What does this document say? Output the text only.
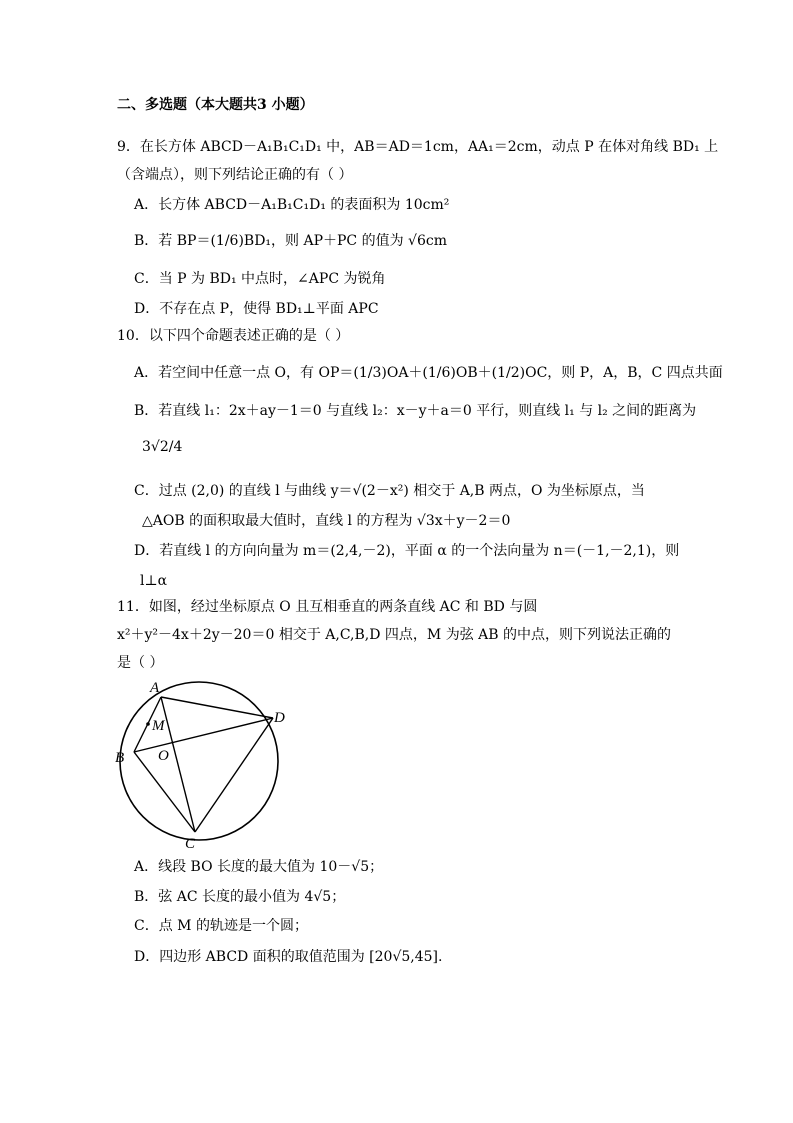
二、多选题（本大题共3 小题）
9．在长方体 ABCD－A₁B₁C₁D₁ 中，AB＝AD＝1cm，AA₁＝2cm，动点 P 在体对角线 BD₁ 上
（含端点），则下列结论正确的有（ ）
A．长方体 ABCD－A₁B₁C₁D₁ 的表面积为 10cm²
B．若 BP＝(1/6)BD₁，则 AP＋PC 的值为 √6cm
C．当 P 为 BD₁ 中点时，∠APC 为锐角
D．不存在点 P，使得 BD₁⊥平面 APC
10．以下四个命题表述正确的是（ ）
A．若空间中任意一点 O，有 OP＝(1/3)OA＋(1/6)OB＋(1/2)OC，则 P，A，B，C 四点共面
B．若直线 l₁：2x＋ay－1＝0 与直线 l₂：x－y＋a＝0 平行，则直线 l₁ 与 l₂ 之间的距离为
3√2/4
C．过点 (2,0) 的直线 l 与曲线 y＝√(2－x²) 相交于 A,B 两点，O 为坐标原点，当
△AOB 的面积取最大值时，直线 l 的方程为 √3x＋y－2＝0
D．若直线 l 的方向向量为 m＝(2,4,－2)，平面 α 的一个法向量为 n＝(－1,－2,1)，则
l⊥α
11．如图，经过坐标原点 O 且互相垂直的两条直线 AC 和 BD 与圆
x²＋y²－4x＋2y－20＝0 相交于 A,C,B,D 四点，M 为弦 AB 的中点，则下列说法正确的
是（ ）
A
B
C
D
O
M
A．线段 BO 长度的最大值为 10－√5；
B．弦 AC 长度的最小值为 4√5；
C．点 M 的轨迹是一个圆；
D．四边形 ABCD 面积的取值范围为 [20√5,45].
